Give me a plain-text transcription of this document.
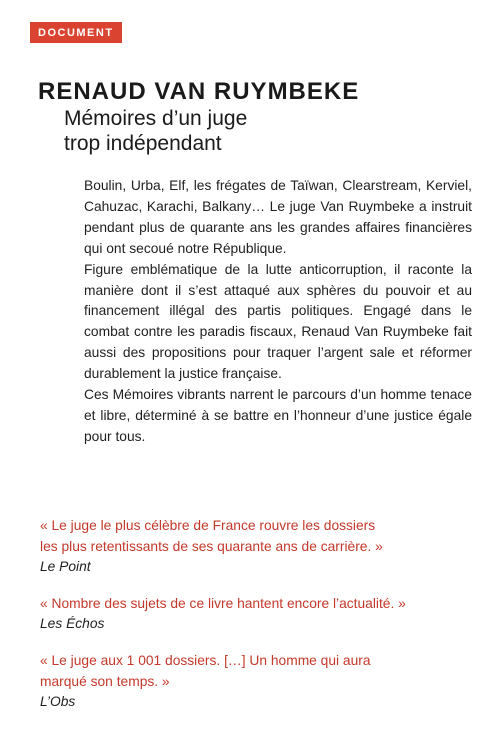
DOCUMENT
RENAUD VAN RUYMBEKE
Mémoires d’un juge
trop indépendant

Boulin, Urba, Elf, les frégates de Taïwan, Clearstream, Kerviel, Cahuzac, Karachi, Balkany… Le juge Van Ruymbeke a instruit pendant plus de quarante ans les grandes affaires financières qui ont secoué notre République.

Figure emblématique de la lutte anticorruption, il raconte la manière dont il s’est attaqué aux sphères du pouvoir et au financement illégal des partis politiques. Engagé dans le combat contre les paradis fiscaux, Renaud Van Ruymbeke fait aussi des propositions pour traquer l’argent sale et réformer durablement la justice française.

Ces Mémoires vibrants narrent le parcours d’un homme tenace et libre, déterminé à se battre en l’honneur d’une justice égale pour tous.

« Le juge le plus célèbre de France rouvre les dossiers
les plus retentissants de ses quarante ans de carrière. »
Le Point
« Nombre des sujets de ce livre hantent encore l’actualité. »
Les Échos
« Le juge aux 1 001 dossiers. […] Un homme qui aura
marqué son temps. »
L’Obs
